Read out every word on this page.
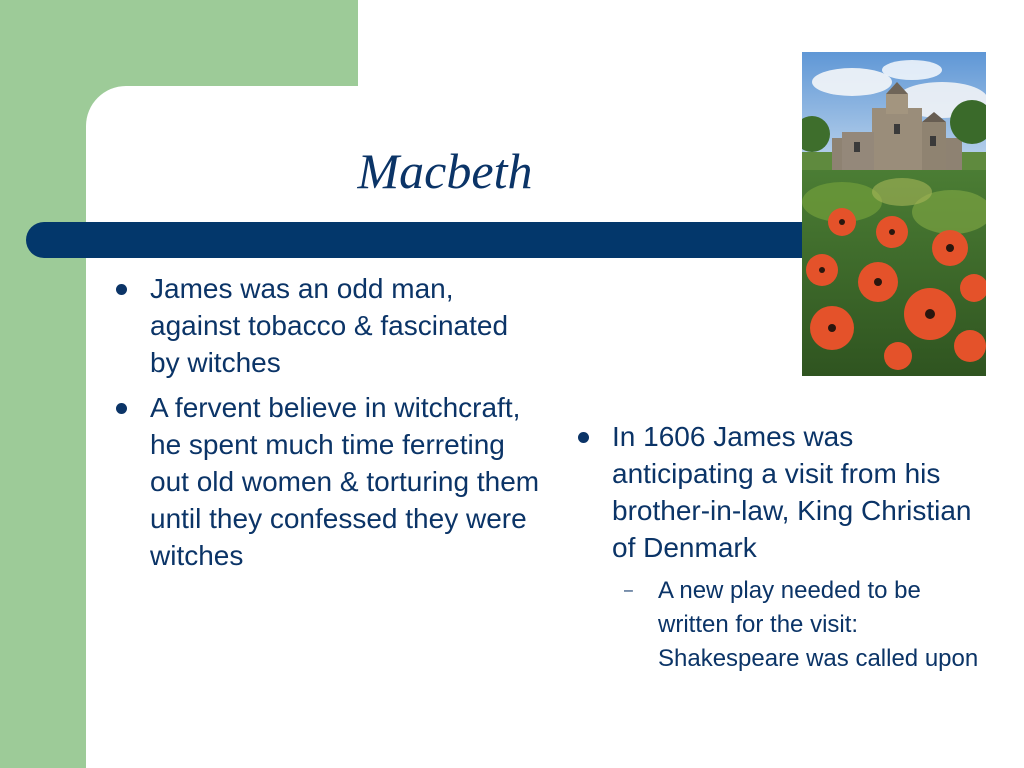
Macbeth
James was an odd man, against tobacco & fascinated by witches
A fervent believe in witchcraft, he spent much time ferreting out old women & torturing them until they confessed they were witches
In 1606 James was anticipating a visit from his brother-in-law, King Christian of Denmark
– A new play needed to be written for the visit: Shakespeare was called upon
